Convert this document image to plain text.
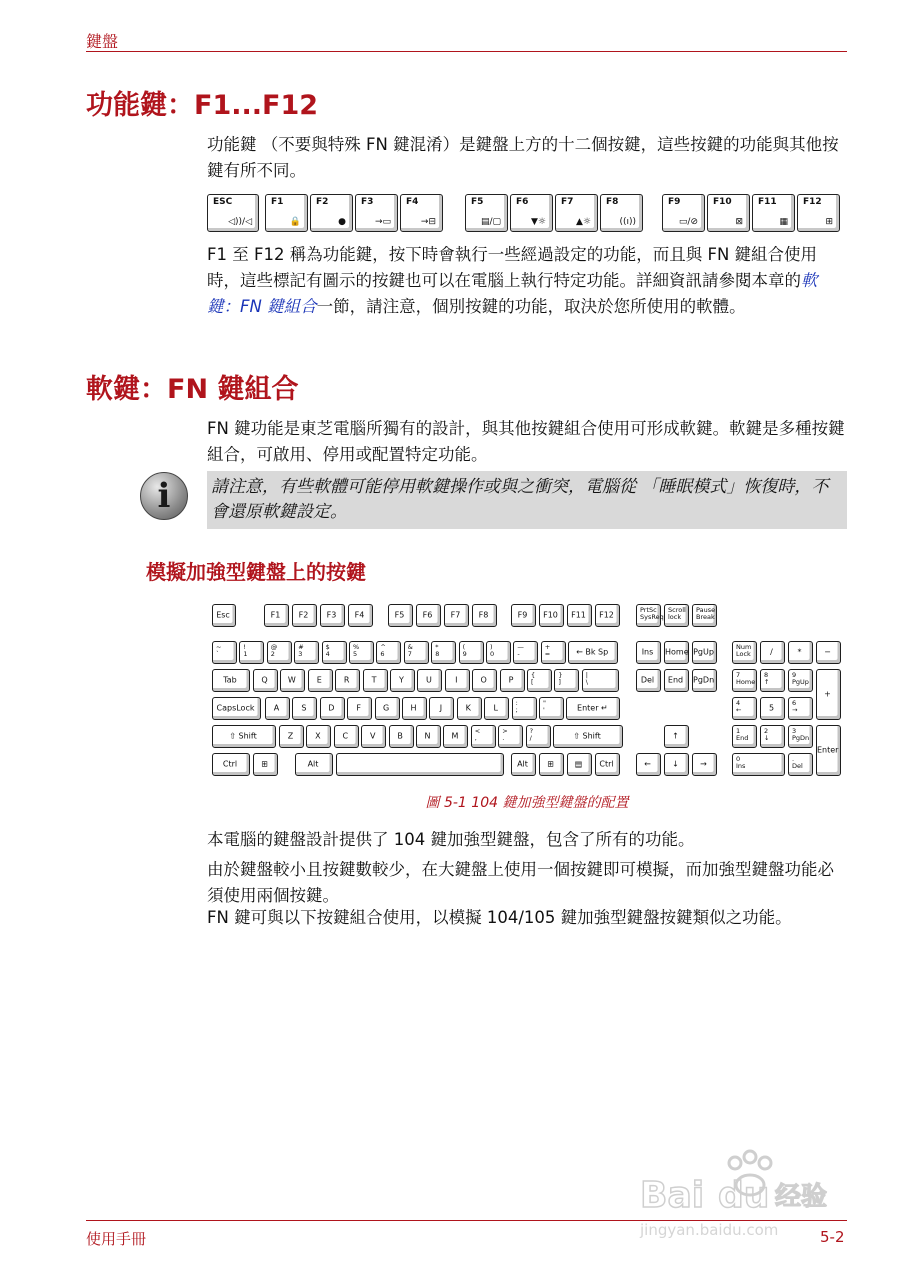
鍵盤
功能鍵：F1...F12

功能鍵 （不要與特殊 FN 鍵混淆）是鍵盤上方的十二個按鍵，這些按鍵的功能與其他按鍵有所不同。

ESC
◁))/◁
F1
🔒
F2
●
F3
→▭
F4
→⊟
F5
▤/▢
F6
▼☼
F7
▲☼
F8
((ı))
F9
▭/⊘
F10
⊠
F11
▦
F12
⊞

F1 至 F12 稱為功能鍵，按下時會執行一些經過設定的功能，而且與 FN 鍵組合使用時，這些標記有圖示的按鍵也可以在電腦上執行特定功能。詳細資訊請參閱本章的軟鍵：FN 鍵組合一節，請注意，個別按鍵的功能，取決於您所使用的軟體。

軟鍵：FN 鍵組合

FN 鍵功能是東芝電腦所獨有的設計，與其他按鍵組合使用可形成軟鍵。軟鍵是多種按鍵組合，可啟用、停用或配置特定功能。

i	請注意，有些軟體可能停用軟鍵操作或與之衝突，電腦從 「睡眠模式」恢復時，不會還原軟鍵設定。
模擬加強型鍵盤上的按鍵
Esc	F1	F2	F3	F4	F5	F6	F7	F8	F9	F10	F11	F12
PrtSc
SysReq
Scroll
lock
Pause
Break
~
`
!
1
@
2
#
3
$
4
%
5
^
6
&
7
*
8
(
9
)
0
—
-
+
=	← Bk Sp	Ins	Home PgUp
Num
Lock	/	*	−
Tab	Q	W	E	R	T	Y	U	I	O	P
{
[
}
]
|
\	Del	End	PgDn
7
Home
8
↑
9
PgUp
+
CapsLock	A	S	D	F	G	H	J	K	L
:
;
"
'	Enter ↵
4
←	5
6
→
⇧ Shift	Z	X	C	V	B	N	M
<
,
>
.
?
/	⇧ Shift	↑
1
End
2
↓
3
PgDn
Enter
Ctrl	⊞	Alt	Alt	⊞	▤	Ctrl	←	↓	→
0
Ins
.
Del
圖 5-1 104 鍵加強型鍵盤的配置

本電腦的鍵盤設計提供了 104 鍵加強型鍵盤，包含了所有的功能。

由於鍵盤較小且按鍵數較少，在大鍵盤上使用一個按鍵即可模擬，而加強型鍵盤功能必須使用兩個按鍵。

FN 鍵可與以下按鍵組合使用，以模擬 104/105 鍵加強型鍵盤按鍵類似之功能。

Bai du 经验
jingyan.baidu.com
使用手冊	5-2
